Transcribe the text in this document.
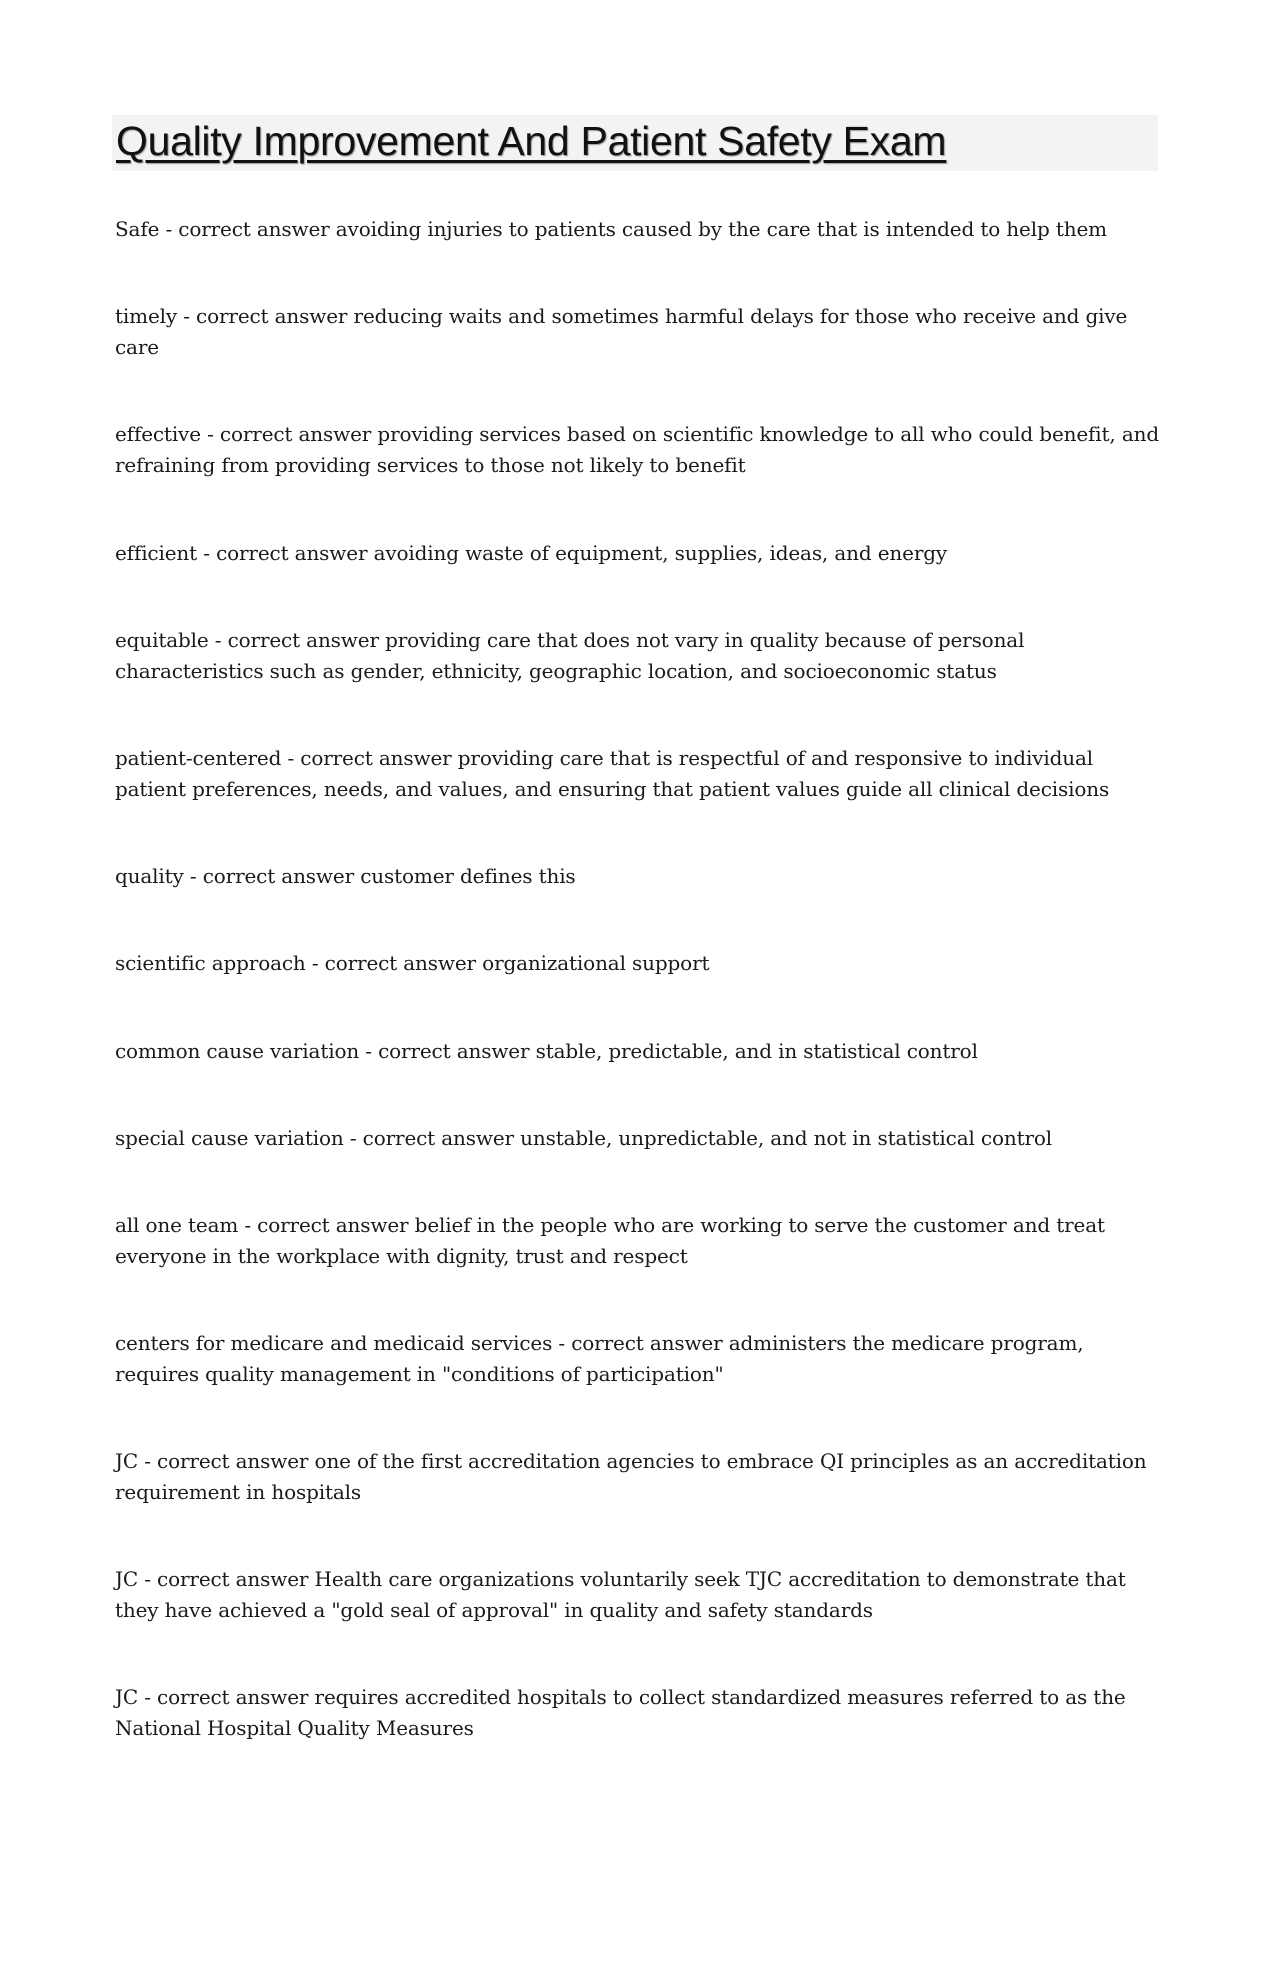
Quality Improvement And Patient Safety Exam

Safe - correct answer avoiding injuries to patients caused by the care that is intended to help them

timely - correct answer reducing waits and sometimes harmful delays for those who receive and give care

effective - correct answer providing services based on scientific knowledge to all who could benefit, and refraining from providing services to those not likely to benefit

efficient - correct answer avoiding waste of equipment, supplies, ideas, and energy

equitable - correct answer providing care that does not vary in quality because of personal characteristics such as gender, ethnicity, geographic location, and socioeconomic status

patient-centered - correct answer providing care that is respectful of and responsive to individual patient preferences, needs, and values, and ensuring that patient values guide all clinical decisions

quality - correct answer customer defines this

scientific approach - correct answer organizational support

common cause variation - correct answer stable, predictable, and in statistical control

special cause variation - correct answer unstable, unpredictable, and not in statistical control

all one team - correct answer belief in the people who are working to serve the customer and treat everyone in the workplace with dignity, trust and respect

centers for medicare and medicaid services - correct answer administers the medicare program, requires quality management in "conditions of participation"

JC - correct answer one of the first accreditation agencies to embrace QI principles as an accreditation requirement in hospitals

JC - correct answer Health care organizations voluntarily seek TJC accreditation to demonstrate that they have achieved a "gold seal of approval" in quality and safety standards

JC - correct answer requires accredited hospitals to collect standardized measures referred to as the National Hospital Quality Measures
